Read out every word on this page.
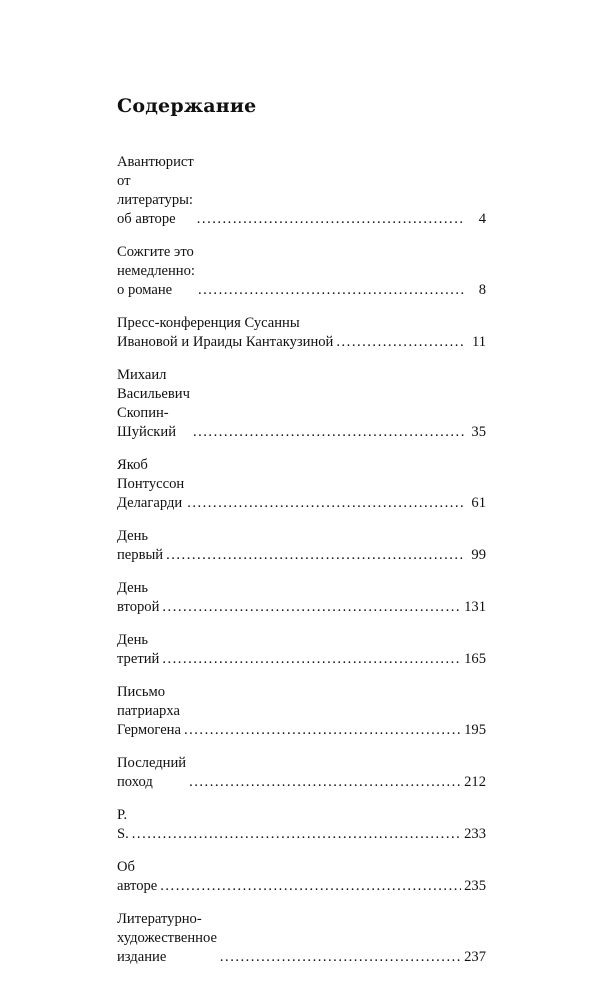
Содержание
Авантюрист от литературы: об авторе .....	4
Сожгите это немедленно: о романе .....	8
Пресс-конференция Сусанны
Ивановой и Ираиды Кантакузиной .....	11
Михаил Васильевич Скопин-Шуйский .....	35
Якоб Понтуссон Делагарди .....	61
День первый .....	99
День второй .....	131
День третий .....	165
Письмо патриарха Гермогена .....	195
Последний поход .....	212
P. S. .....	233
Об авторе .....	235
Литературно-художественное издание .....	237
